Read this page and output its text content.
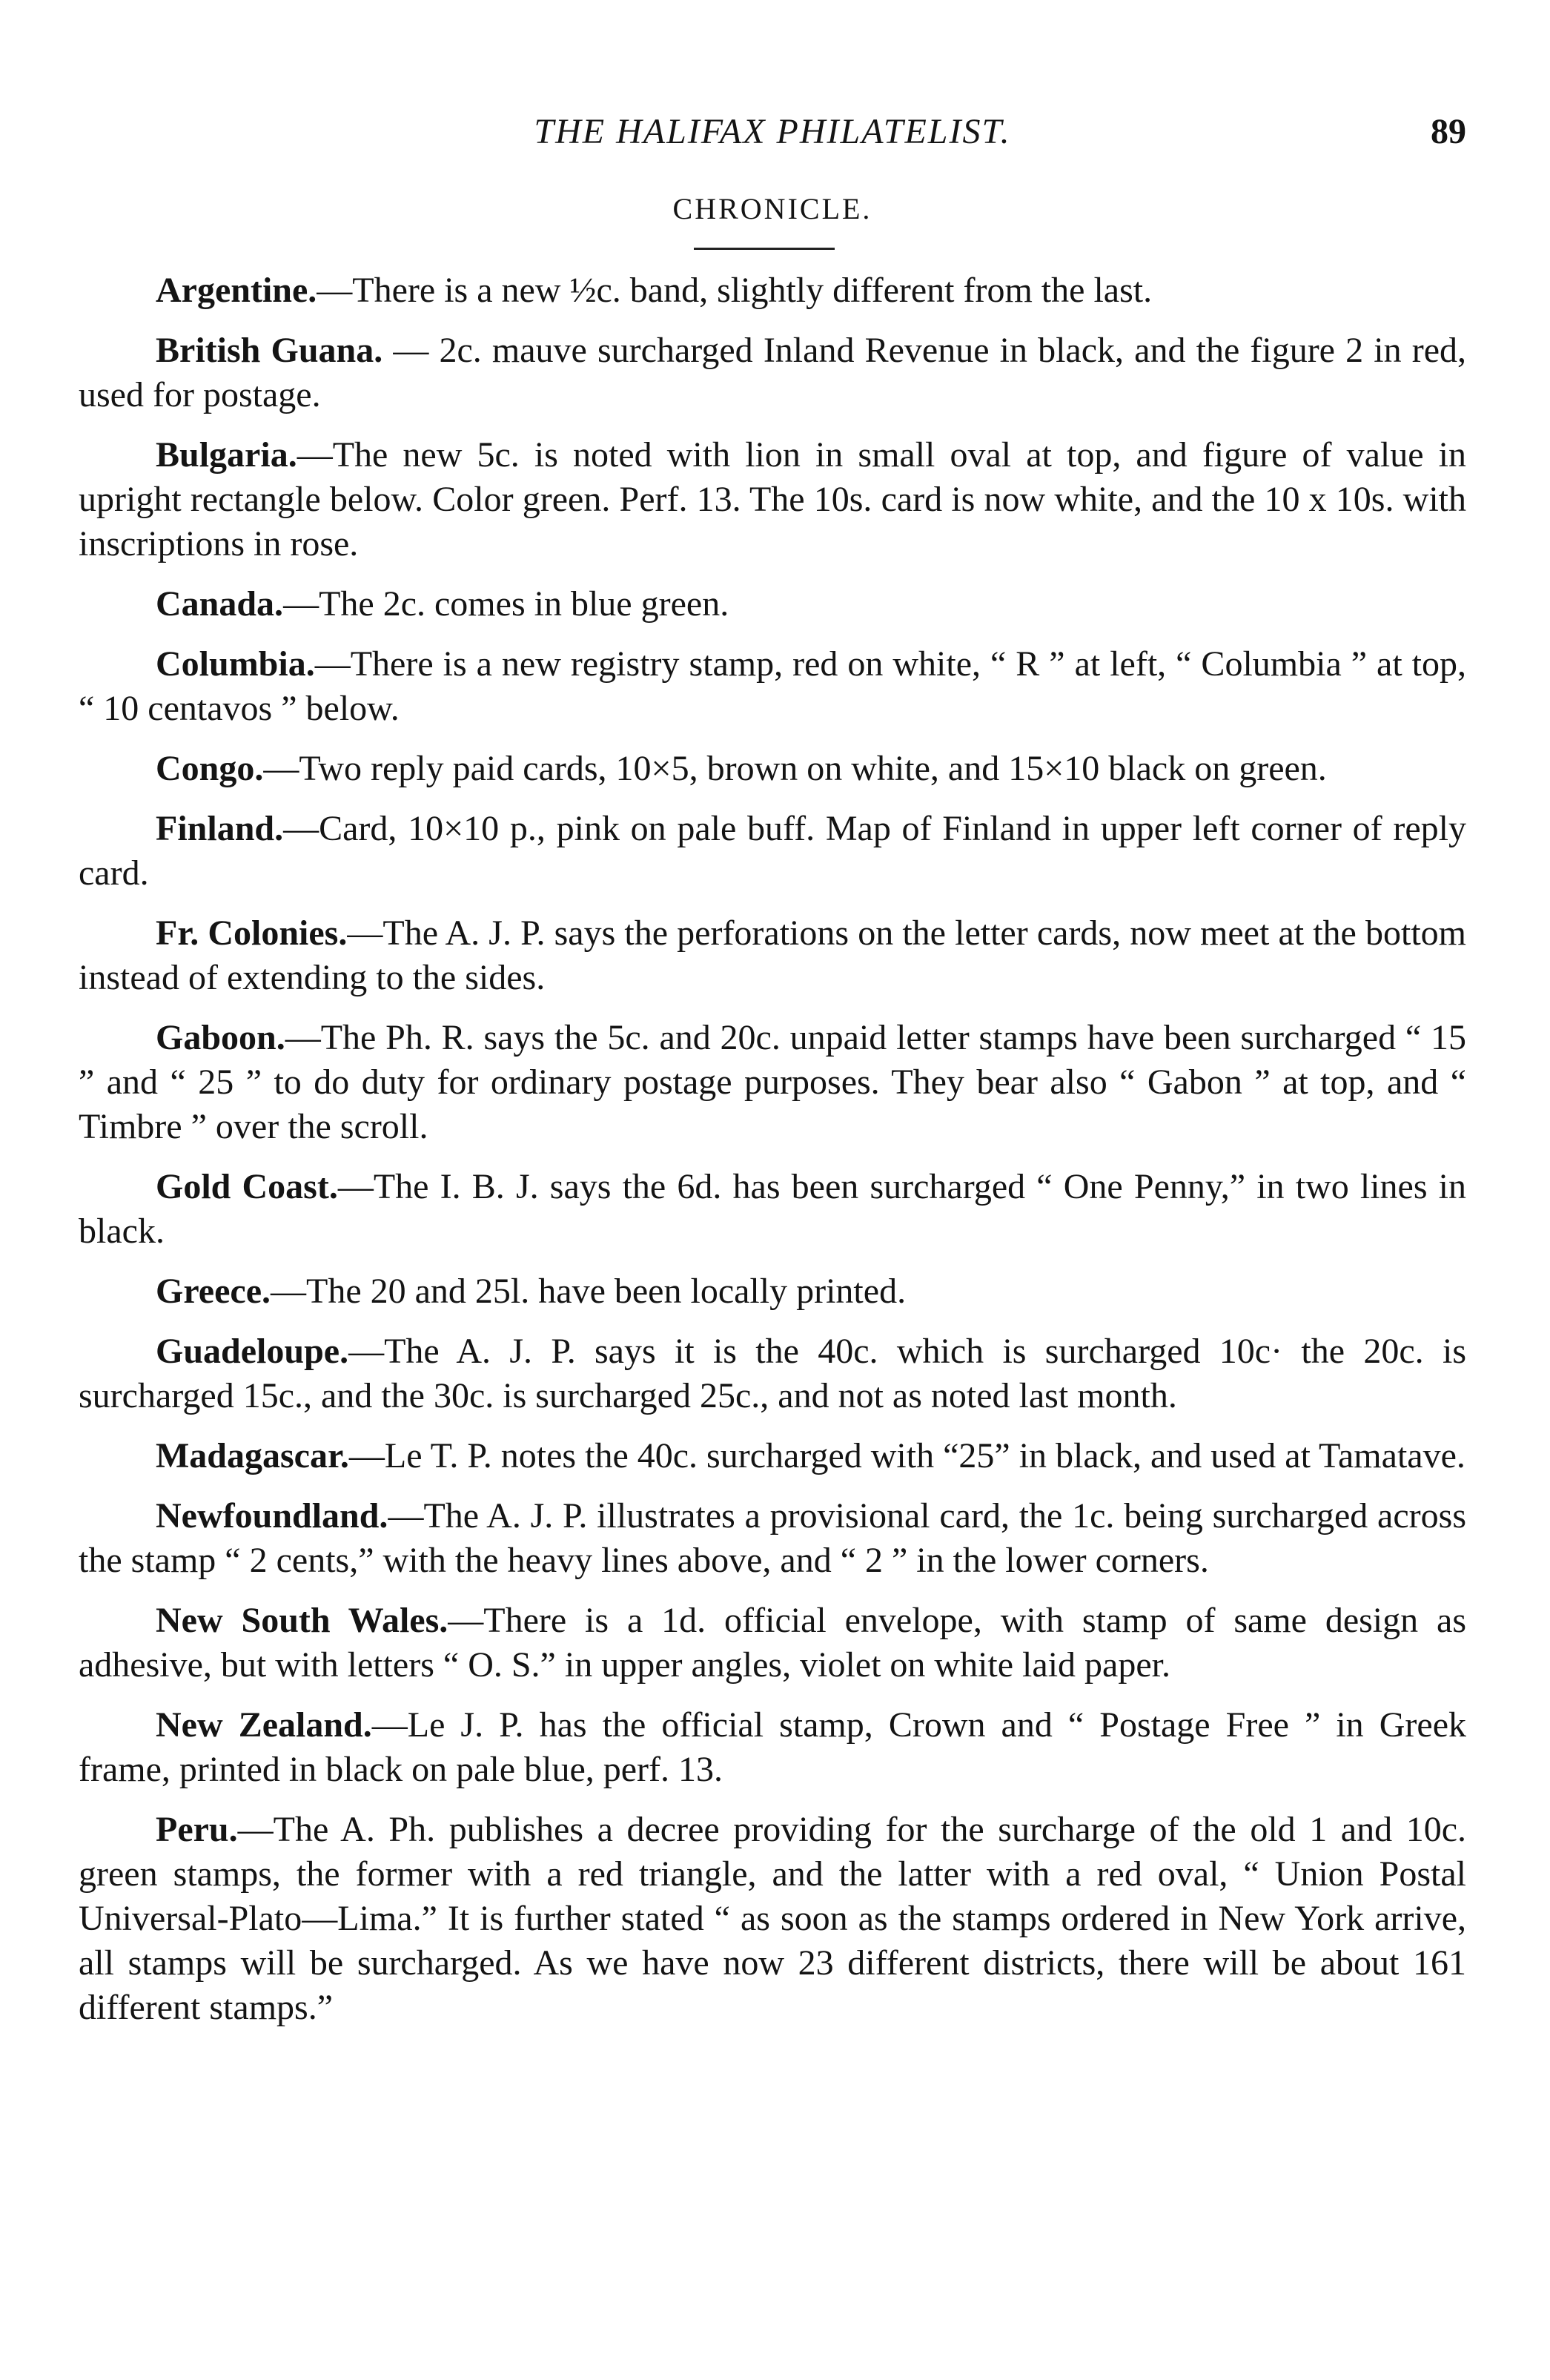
THE HALIFAX PHILATELIST.	89
CHRONICLE.

Argentine.—There is a new ½c. band, slightly different from the last.

British Guana. — 2c. mauve surcharged Inland Revenue in black, and the figure 2 in red, used for postage.

Bulgaria.—The new 5c. is noted with lion in small oval at top, and figure of value in upright rectangle below. Color green. Perf. 13. The 10s. card is now white, and the 10 x 10s. with inscriptions in rose.

Canada.—The 2c. comes in blue green.

Columbia.—There is a new registry stamp, red on white, “ R ” at left, “ Columbia ” at top, “ 10 centavos ” below.

Congo.—Two reply paid cards, 10×5, brown on white, and 15×10 black on green.

Finland.—Card, 10×10 p., pink on pale buff. Map of Finland in upper left corner of reply card.

Fr. Colonies.—The A. J. P. says the perforations on the letter cards, now meet at the bottom instead of extending to the sides.

Gaboon.—The Ph. R. says the 5c. and 20c. unpaid letter stamps have been surcharged “ 15 ” and “ 25 ” to do duty for ordinary postage purposes. They bear also “ Gabon ” at top, and “ Timbre ” over the scroll.

Gold Coast.—The I. B. J. says the 6d. has been surcharged “ One Penny,” in two lines in black.

Greece.—The 20 and 25l. have been locally printed.

Guadeloupe.—The A. J. P. says it is the 40c. which is surcharged 10c· the 20c. is surcharged 15c., and the 30c. is surcharged 25c., and not as noted last month.

Madagascar.—Le T. P. notes the 40c. surcharged with “25” in black, and used at Tamatave.

Newfoundland.—The A. J. P. illustrates a provisional card, the 1c. being surcharged across the stamp “ 2 cents,” with the heavy lines above, and “ 2 ” in the lower corners.

New South Wales.—There is a 1d. official envelope, with stamp of same design as adhesive, but with letters “ O. S.” in upper angles, violet on white laid paper.

New Zealand.—Le J. P. has the official stamp, Crown and “ Postage Free ” in Greek frame, printed in black on pale blue, perf. 13.

Peru.—The A. Ph. publishes a decree providing for the surcharge of the old 1 and 10c. green stamps, the former with a red triangle, and the latter with a red oval, “ Union Postal Universal-Plato—Lima.” It is further stated “ as soon as the stamps ordered in New York arrive, all stamps will be surcharged. As we have now 23 different districts, there will be about 161 different stamps.”
